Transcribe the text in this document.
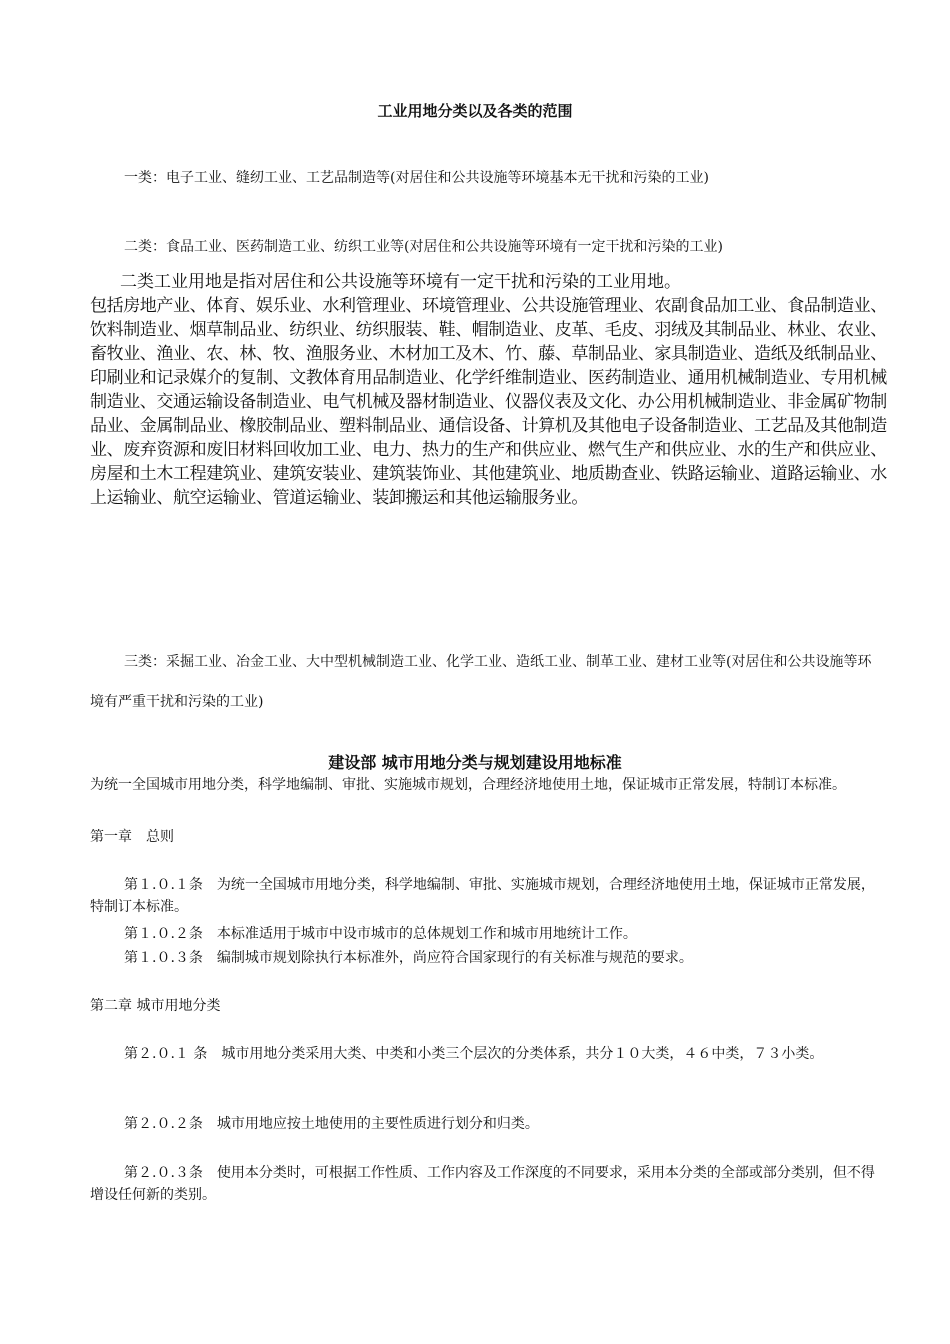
工业用地分类以及各类的范围

一类：电子工业、缝纫工业、工艺品制造等(对居住和公共设施等环境基本无干扰和污染的工业)

二类：食品工业、医药制造工业、纺织工业等(对居住和公共设施等环境有一定干扰和污染的工业)

二类工业用地是指对居住和公共设施等环境有一定干扰和污染的工业用地。

包括房地产业、体育、娱乐业、水利管理业、环境管理业、公共设施管理业、农副食品加工业、食品制造业、饮料制造业、烟草制品业、纺织业、纺织服装、鞋、帽制造业、皮革、毛皮、羽绒及其制品业、林业、农业、畜牧业、渔业、农、林、牧、渔服务业、木材加工及木、竹、藤、草制品业、家具制造业、造纸及纸制品业、印刷业和记录媒介的复制、文教体育用品制造业、化学纤维制造业、医药制造业、通用机械制造业、专用机械制造业、交通运输设备制造业、电气机械及器材制造业、仪器仪表及文化、办公用机械制造业、非金属矿物制品业、金属制品业、橡胶制品业、塑料制品业、通信设备、计算机及其他电子设备制造业、工艺品及其他制造业、废弃资源和废旧材料回收加工业、电力、热力的生产和供应业、燃气生产和供应业、水的生产和供应业、房屋和土木工程建筑业、建筑安装业、建筑装饰业、其他建筑业、地质勘查业、铁路运输业、道路运输业、水上运输业、航空运输业、管道运输业、装卸搬运和其他运输服务业。

三类：采掘工业、冶金工业、大中型机械制造工业、化学工业、造纸工业、制革工业、建材工业等(对居住和公共设施等环境有严重干扰和污染的工业)

建设部 城市用地分类与规划建设用地标准

为统一全国城市用地分类，科学地编制、审批、实施城市规划，合理经济地使用土地，保证城市正常发展，特制订本标准。

第一章　总则

第１.０.１条　为统一全国城市用地分类，科学地编制、审批、实施城市规划，合理经济地使用土地，保证城市正常发展，特制订本标准。

第１.０.２条　本标准适用于城市中设市城市的总体规划工作和城市用地统计工作。

第１.０.３条　编制城市规划除执行本标准外，尚应符合国家现行的有关标准与规范的要求。

第二章 城市用地分类

第２.０.１ 条　城市用地分类采用大类、中类和小类三个层次的分类体系，共分１０大类，４６中类，７３小类。

第２.０.２条　城市用地应按土地使用的主要性质进行划分和归类。

第２.０.３条　使用本分类时，可根据工作性质、工作内容及工作深度的不同要求，采用本分类的全部或部分类别，但不得增设任何新的类别。
